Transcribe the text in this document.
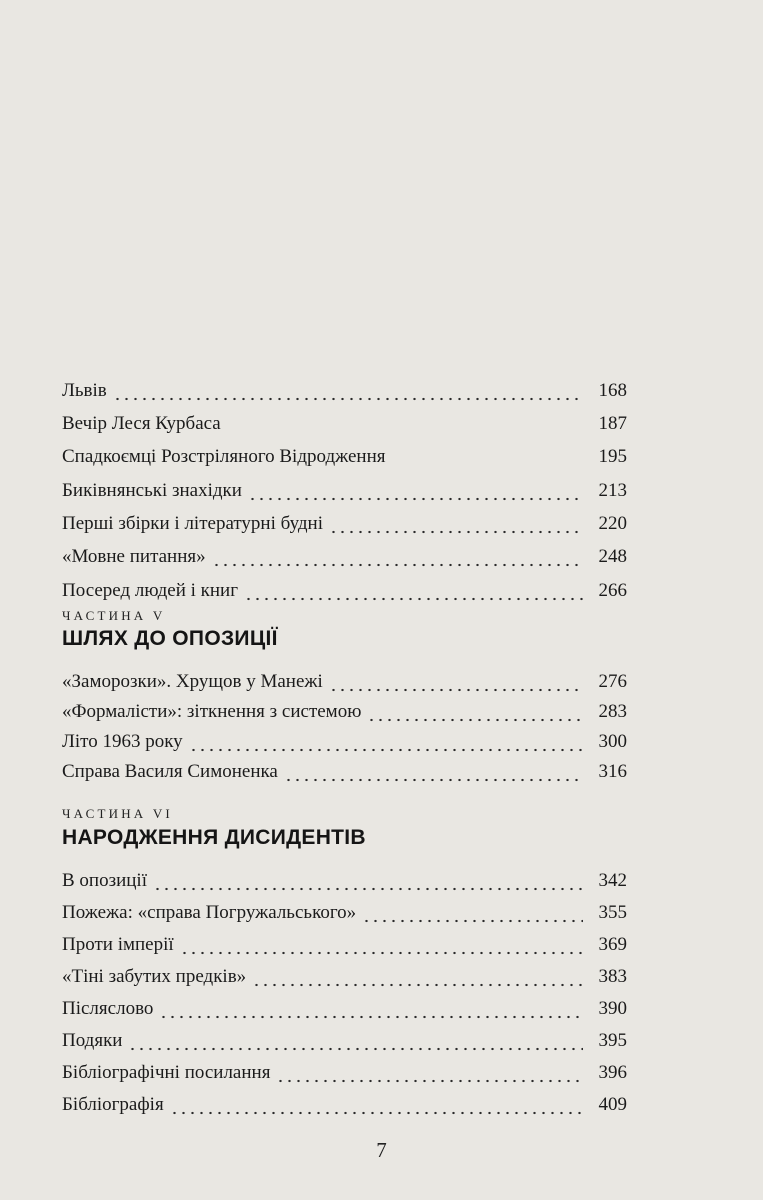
Львів	168
Вечір Леся Курбаса	187
Спадкоємці Розстріляного Відродження	195
Биківнянські знахідки	213
Перші збірки і літературні будні	220
«Мовне питання»	248
Посеред людей і книг	266
ЧАСТИНА V
ШЛЯХ ДО ОПОЗИЦІЇ
«Заморозки». Хрущов у Манежі	276
«Формалісти»: зіткнення з системою	283
Літо 1963 року	300
Справа Василя Симоненка	316
ЧАСТИНА VI
НАРОДЖЕННЯ ДИСИДЕНТІВ
В опозиції	342
Пожежа: «справа Погружальського»	355
Проти імперії	369
«Тіні забутих предків»	383
Післяслово	390
Подяки	395
Бібліографічні посилання	396
Бібліографія	409
7
